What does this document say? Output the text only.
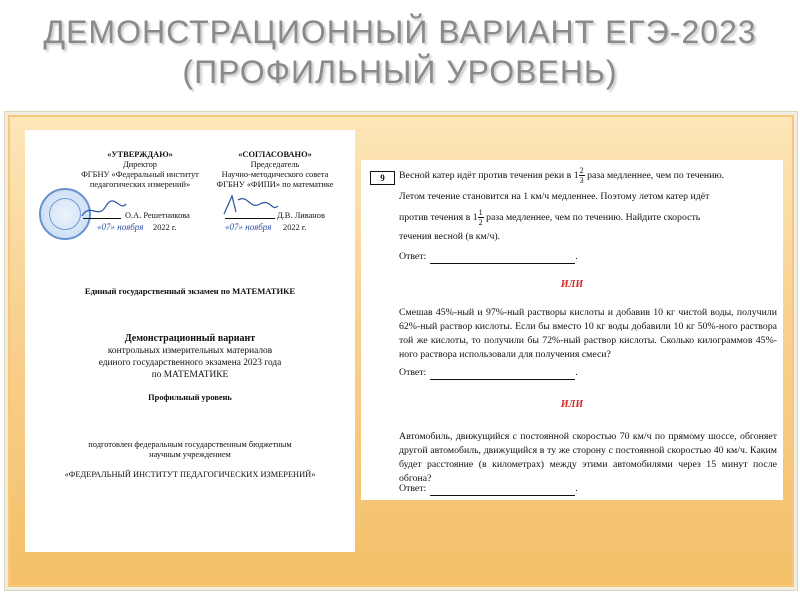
ДЕМОНСТРАЦИОННЫЙ ВАРИАНТ ЕГЭ-2023
(ПРОФИЛЬНЫЙ УРОВЕНЬ)
«УТВЕРЖДАЮ»
Директор
ФГБНУ «Федеральный институт
педагогических измерений»
«СОГЛАСОВАНО»
Председатель
Научно-методического совета
ФГБНУ «ФИПИ» по математике
О.А. Решетникова
«07» ноября 2022 г.
Д.В. Ливанов
«07» ноября 2022 г.
Единый государственный экзамен по МАТЕМАТИКЕ
Демонстрационный вариант
контрольных измерительных материалов
единого государственного экзамена 2023 года
по МАТЕМАТИКЕ
Профильный уровень
подготовлен федеральным государственным бюджетным
научным учреждением
«ФЕДЕРАЛЬНЫЙ ИНСТИТУТ ПЕДАГОГИЧЕСКИХ ИЗМЕРЕНИЙ»
9	Весной катер идёт против течения реки в $1 \frac{2}{3}$ раза медленнее, чем по течению.
Летом течение становится на 1 км/ч медленнее. Поэтому летом катер идёт
против течения в $1 \frac{1}{2}$ раза медленнее, чем по течению. Найдите скорость
течения весной (в км/ч).
Ответ:	.
ИЛИ
Смешав 45%-ный и 97%-ный растворы кислоты и добавив 10 кг чистой воды, получили 62%-ный раствор кислоты. Если бы вместо 10 кг воды добавили 10 кг 50%-ного раствора той же кислоты, то получили бы 72%-ный раствор кислоты. Сколько килограммов 45%-ного раствора использовали для получения смеси?
Ответ:	.
ИЛИ
Автомобиль, движущийся с постоянной скоростью 70 км/ч по прямому шоссе, обгоняет другой автомобиль, движущийся в ту же сторону с постоянной скоростью 40 км/ч. Каким будет расстояние (в километрах) между этими автомобилями через 15 минут после обгона?
Ответ:	.
